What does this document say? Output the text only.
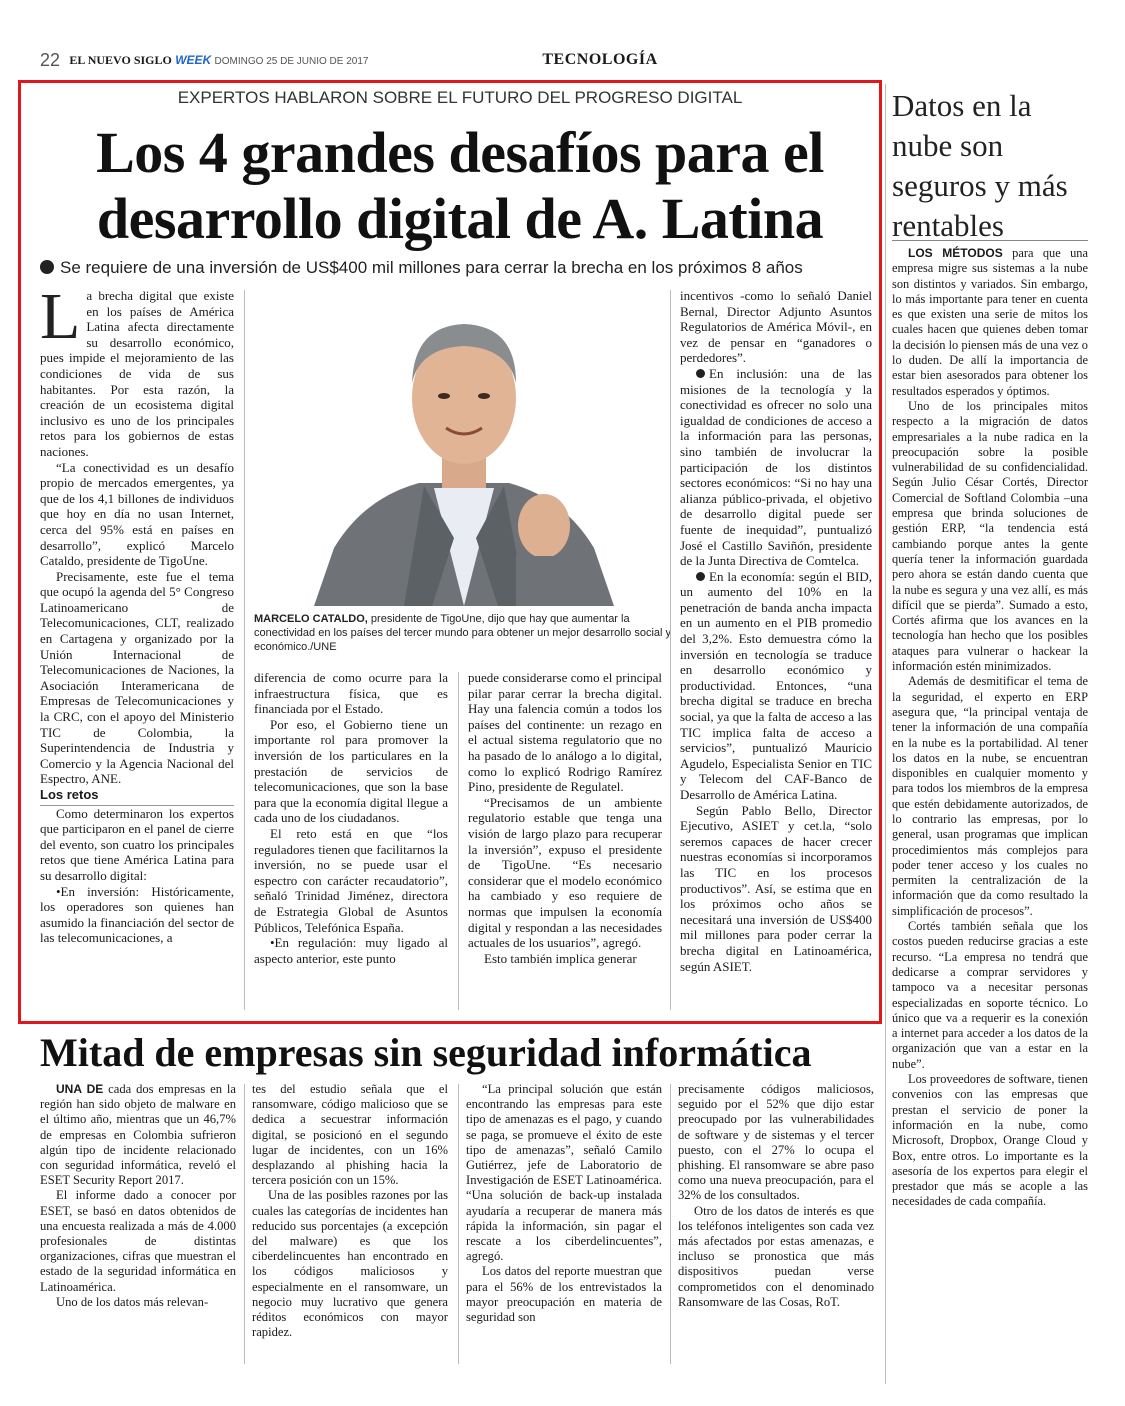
22 EL NUEVO SIGLO WEEK DOMINGO 25 DE JUNIO DE 2017	TECNOLOGÍA
EXPERTOS HABLARON SOBRE EL FUTURO DEL PROGRESO DIGITAL
Los 4 grandes desafíos para el desarrollo digital de A. Latina
Se requiere de una inversión de US$400 mil millones para cerrar la brecha en los próximos 8 años

La brecha digital que existe en los países de América Latina afecta directamente su desarrollo económico, pues impide el mejoramiento de las condiciones de vida de sus habitantes. Por esta razón, la creación de un ecosistema digital inclusivo es uno de los principales retos para los gobiernos de estas naciones.

“La conectividad es un desafío propio de mercados emergentes, ya que de los 4,1 billones de individuos que hoy en día no usan Internet, cerca del 95% está en países en desarrollo”, explicó Marcelo Cataldo, presidente de TigoUne.

Precisamente, este fue el tema que ocupó la agenda del 5° Congreso Latinoamericano de Telecomunicaciones, CLT, realizado en Cartagena y organizado por la Unión Internacional de Telecomunicaciones de Naciones, la Asociación Interamericana de Empresas de Telecomunicaciones y la CRC, con el apoyo del Ministerio TIC de Colombia, la Superintendencia de Industria y Comercio y la Agencia Nacional del Espectro, ANE.

Los retos

Como determinaron los expertos que participaron en el panel de cierre del evento, son cuatro los principales retos que tiene América Latina para su desarrollo digital:

•En inversión: Históricamente, los operadores son quienes han asumido la financiación del sector de las telecomunicaciones, a

MARCELO CATALDO, presidente de TigoUne, dijo que hay que aumentar la conectividad en los países del tercer mundo para obtener un mejor desarrollo social y económico./UNE

diferencia de como ocurre para la infraestructura física, que es financiada por el Estado.

Por eso, el Gobierno tiene un importante rol para promover la inversión de los particulares en la prestación de servicios de telecomunicaciones, que son la base para que la economía digital llegue a cada uno de los ciudadanos.

El reto está en que “los reguladores tienen que facilitarnos la inversión, no se puede usar el espectro con carácter recaudatorio”, señaló Trinidad Jiménez, directora de Estrategia Global de Asuntos Públicos, Telefónica España.

•En regulación: muy ligado al aspecto anterior, este punto

puede considerarse como el principal pilar parar cerrar la brecha digital. Hay una falencia común a todos los países del continente: un rezago en el actual sistema regulatorio que no ha pasado de lo análogo a lo digital, como lo explicó Rodrigo Ramírez Pino, presidente de Regulatel.

“Precisamos de un ambiente regulatorio estable que tenga una visión de largo plazo para recuperar la inversión”, expuso el presidente de TigoUne. “Es necesario considerar que el modelo económico ha cambiado y eso requiere de normas que impulsen la economía digital y respondan a las necesidades actuales de los usuarios”, agregó.

Esto también implica generar

incentivos -como lo señaló Daniel Bernal, Director Adjunto Asuntos Regulatorios de América Móvil-, en vez de pensar en “ganadores o perdedores”.

En inclusión: una de las misiones de la tecnología y la conectividad es ofrecer no solo una igualdad de condiciones de acceso a la información para las personas, sino también de involucrar la participación de los distintos sectores económicos: “Si no hay una alianza público-privada, el objetivo de desarrollo digital puede ser fuente de inequidad”, puntualizó José el Castillo Saviñón, presidente de la Junta Directiva de Comtelca.

En la economía: según el BID, un aumento del 10% en la penetración de banda ancha impacta en un aumento en el PIB promedio del 3,2%. Esto demuestra cómo la inversión en tecnología se traduce en desarrollo económico y productividad. Entonces, “una brecha digital se traduce en brecha social, ya que la falta de acceso a las TIC implica falta de acceso a servicios”, puntualizó Mauricio Agudelo, Especialista Senior en TIC y Telecom del CAF-Banco de Desarrollo de América Latina.

Según Pablo Bello, Director Ejecutivo, ASIET y cet.la, “solo seremos capaces de hacer crecer nuestras economías si incorporamos las TIC en los procesos productivos”. Así, se estima que en los próximos ocho años se necesitará una inversión de US$400 mil millones para poder cerrar la brecha digital en Latinoamérica, según ASIET.

Datos en la nube son seguros y más rentables

LOS MÉTODOS para que una empresa migre sus sistemas a la nube son distintos y variados. Sin embargo, lo más importante para tener en cuenta es que existen una serie de mitos los cuales hacen que quienes deben tomar la decisión lo piensen más de una vez o lo duden. De allí la importancia de estar bien asesorados para obtener los resultados esperados y óptimos.

Uno de los principales mitos respecto a la migración de datos empresariales a la nube radica en la preocupación sobre la posible vulnerabilidad de su confidencialidad. Según Julio César Cortés, Director Comercial de Softland Colombia –una empresa que brinda soluciones de gestión ERP, “la tendencia está cambiando porque antes la gente quería tener la información guardada pero ahora se están dando cuenta que la nube es segura y una vez allí, es más difícil que se pierda”. Sumado a esto, Cortés afirma que los avances en la tecnología han hecho que los posibles ataques para vulnerar o hackear la información estén minimizados.

Además de desmitificar el tema de la seguridad, el experto en ERP asegura que, “la principal ventaja de tener la información de una compañía en la nube es la portabilidad. Al tener los datos en la nube, se encuentran disponibles en cualquier momento y para todos los miembros de la empresa que estén debidamente autorizados, de lo contrario las empresas, por lo general, usan programas que implican procedimientos más complejos para poder tener acceso y los cuales no permiten la centralización de la información que da como resultado la simplificación de procesos”.

Cortés también señala que los costos pueden reducirse gracias a este recurso. “La empresa no tendrá que dedicarse a comprar servidores y tampoco va a necesitar personas especializadas en soporte técnico. Lo único que va a requerir es la conexión a internet para acceder a los datos de la organización que van a estar en la nube”.

Los proveedores de software, tienen convenios con las empresas que prestan el servicio de poner la información en la nube, como Microsoft, Dropbox, Orange Cloud y Box, entre otros. Lo importante es la asesoría de los expertos para elegir el prestador que más se acople a las necesidades de cada compañía.

Mitad de empresas sin seguridad informática

UNA DE cada dos empresas en la región han sido objeto de malware en el último año, mientras que un 46,7% de empresas en Colombia sufrieron algún tipo de incidente relacionado con seguridad informática, reveló el ESET Security Report 2017.

El informe dado a conocer por ESET, se basó en datos obtenidos de una encuesta realizada a más de 4.000 profesionales de distintas organizaciones, cifras que muestran el estado de la seguridad informática en Latinoamérica.

Uno de los datos más relevan-

tes del estudio señala que el ransomware, código malicioso que se dedica a secuestrar información digital, se posicionó en el segundo lugar de incidentes, con un 16% desplazando al phishing hacia la tercera posición con un 15%.

Una de las posibles razones por las cuales las categorías de incidentes han reducido sus porcentajes (a excepción del malware) es que los ciberdelincuentes han encontrado en los códigos maliciosos y especialmente en el ransomware, un negocio muy lucrativo que genera réditos económicos con mayor rapidez.

“La principal solución que están encontrando las empresas para este tipo de amenazas es el pago, y cuando se paga, se promueve el éxito de este tipo de amenazas”, señaló Camilo Gutiérrez, jefe de Laboratorio de Investigación de ESET Latinoamérica. “Una solución de back-up instalada ayudaría a recuperar de manera más rápida la información, sin pagar el rescate a los ciberdelincuentes”, agregó.

Los datos del reporte muestran que para el 56% de los entrevistados la mayor preocupación en materia de seguridad son

precisamente códigos maliciosos, seguido por el 52% que dijo estar preocupado por las vulnerabilidades de software y de sistemas y el tercer puesto, con el 27% lo ocupa el phishing. El ransomware se abre paso como una nueva preocupación, para el 32% de los consultados.

Otro de los datos de interés es que los teléfonos inteligentes son cada vez más afectados por estas amenazas, e incluso se pronostica que más dispositivos puedan verse comprometidos con el denominado Ransomware de las Cosas, RoT.
